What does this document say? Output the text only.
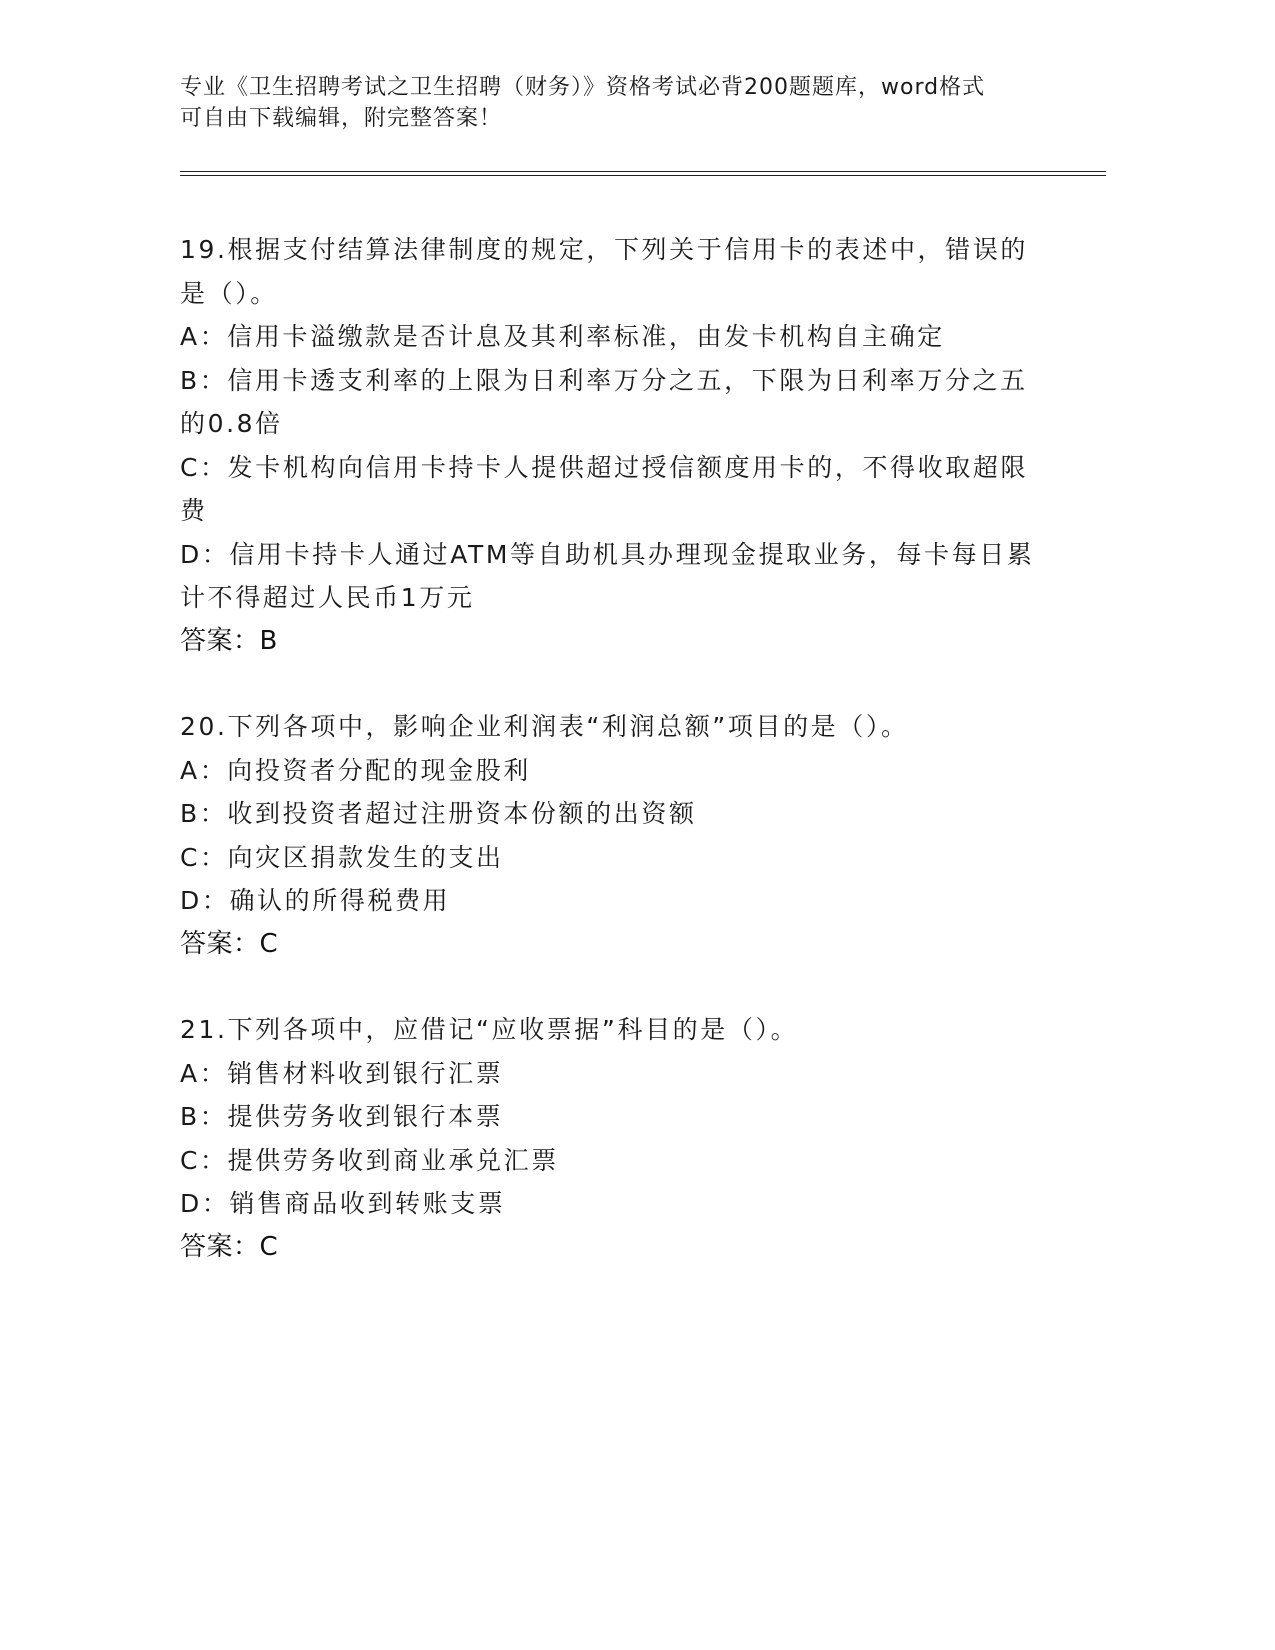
专业《卫生招聘考试之卫生招聘（财务）》资格考试必背200题题库，word格式
可自由下载编辑，附完整答案！
19.根据支付结算法律制度的规定，下列关于信用卡的表述中，错误的
是（）。
A：信用卡溢缴款是否计息及其利率标准，由发卡机构自主确定
B：信用卡透支利率的上限为日利率万分之五，下限为日利率万分之五
的0.8倍
C：发卡机构向信用卡持卡人提供超过授信额度用卡的，不得收取超限
费
D：信用卡持卡人通过ATM等自助机具办理现金提取业务，每卡每日累
计不得超过人民币1万元
答案：B
20.下列各项中，影响企业利润表“利润总额”项目的是（）。
A：向投资者分配的现金股利
B：收到投资者超过注册资本份额的出资额
C：向灾区捐款发生的支出
D：确认的所得税费用
答案：C
21.下列各项中，应借记“应收票据”科目的是（）。
A：销售材料收到银行汇票
B：提供劳务收到银行本票
C：提供劳务收到商业承兑汇票
D：销售商品收到转账支票
答案：C
